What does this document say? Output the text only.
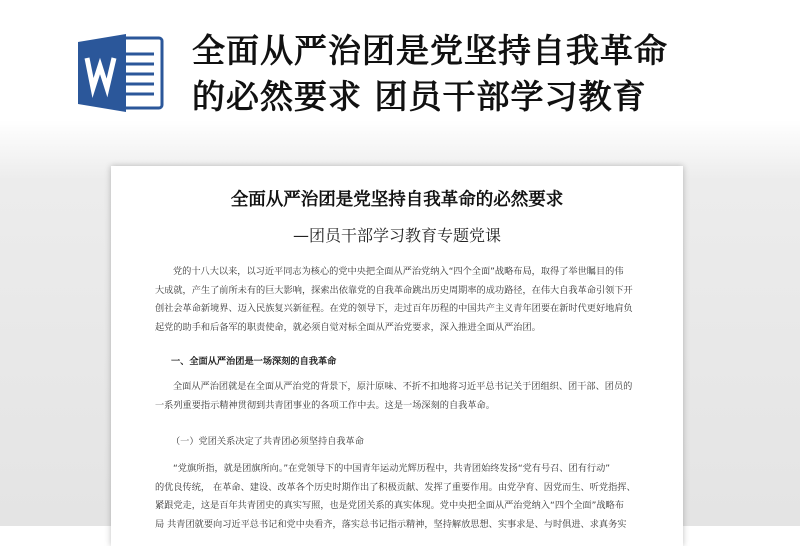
全面从严治团是党坚持自我革命
的必然要求 团员干部学习教育
全面从严治团是党坚持自我革命的必然要求
—团员干部学习教育专题党课
党的十八大以来，以习近平同志为核心的党中央把全面从严治党纳入“四个全面”战略布局，取得了举世瞩目的伟
大成就，产生了前所未有的巨大影响，探索出依靠党的自我革命跳出历史周期率的成功路径，在伟大自我革命引领下开
创社会革命新境界、迈入民族复兴新征程。在党的领导下，走过百年历程的中国共产主义青年团要在新时代更好地肩负
起党的助手和后备军的职责使命，就必须自觉对标全面从严治党要求，深入推进全面从严治团。
一、全面从严治团是一场深刻的自我革命
全面从严治团就是在全面从严治党的背景下，原汁原味、不折不扣地将习近平总书记关于团组织、团干部、团员的
一系列重要指示精神贯彻到共青团事业的各项工作中去。这是一场深刻的自我革命。
（一）党团关系决定了共青团必须坚持自我革命
“党旗所指，就是团旗所向。”在党领导下的中国青年运动光辉历程中，共青团始终发扬“党有号召、团有行动”
的优良传统， 在革命、建设、改革各个历史时期作出了积极贡献、发挥了重要作用。由党孕育、因党而生、听党指挥、
紧跟党走，这是百年共青团史的真实写照，也是党团关系的真实体现。党中央把全面从严治党纳入“四个全面”战略布
局 共青团就要向习近平总书记和党中央看齐，落实总书记指示精神，坚持解放思想、实事求是、与时俱进、求真务实
